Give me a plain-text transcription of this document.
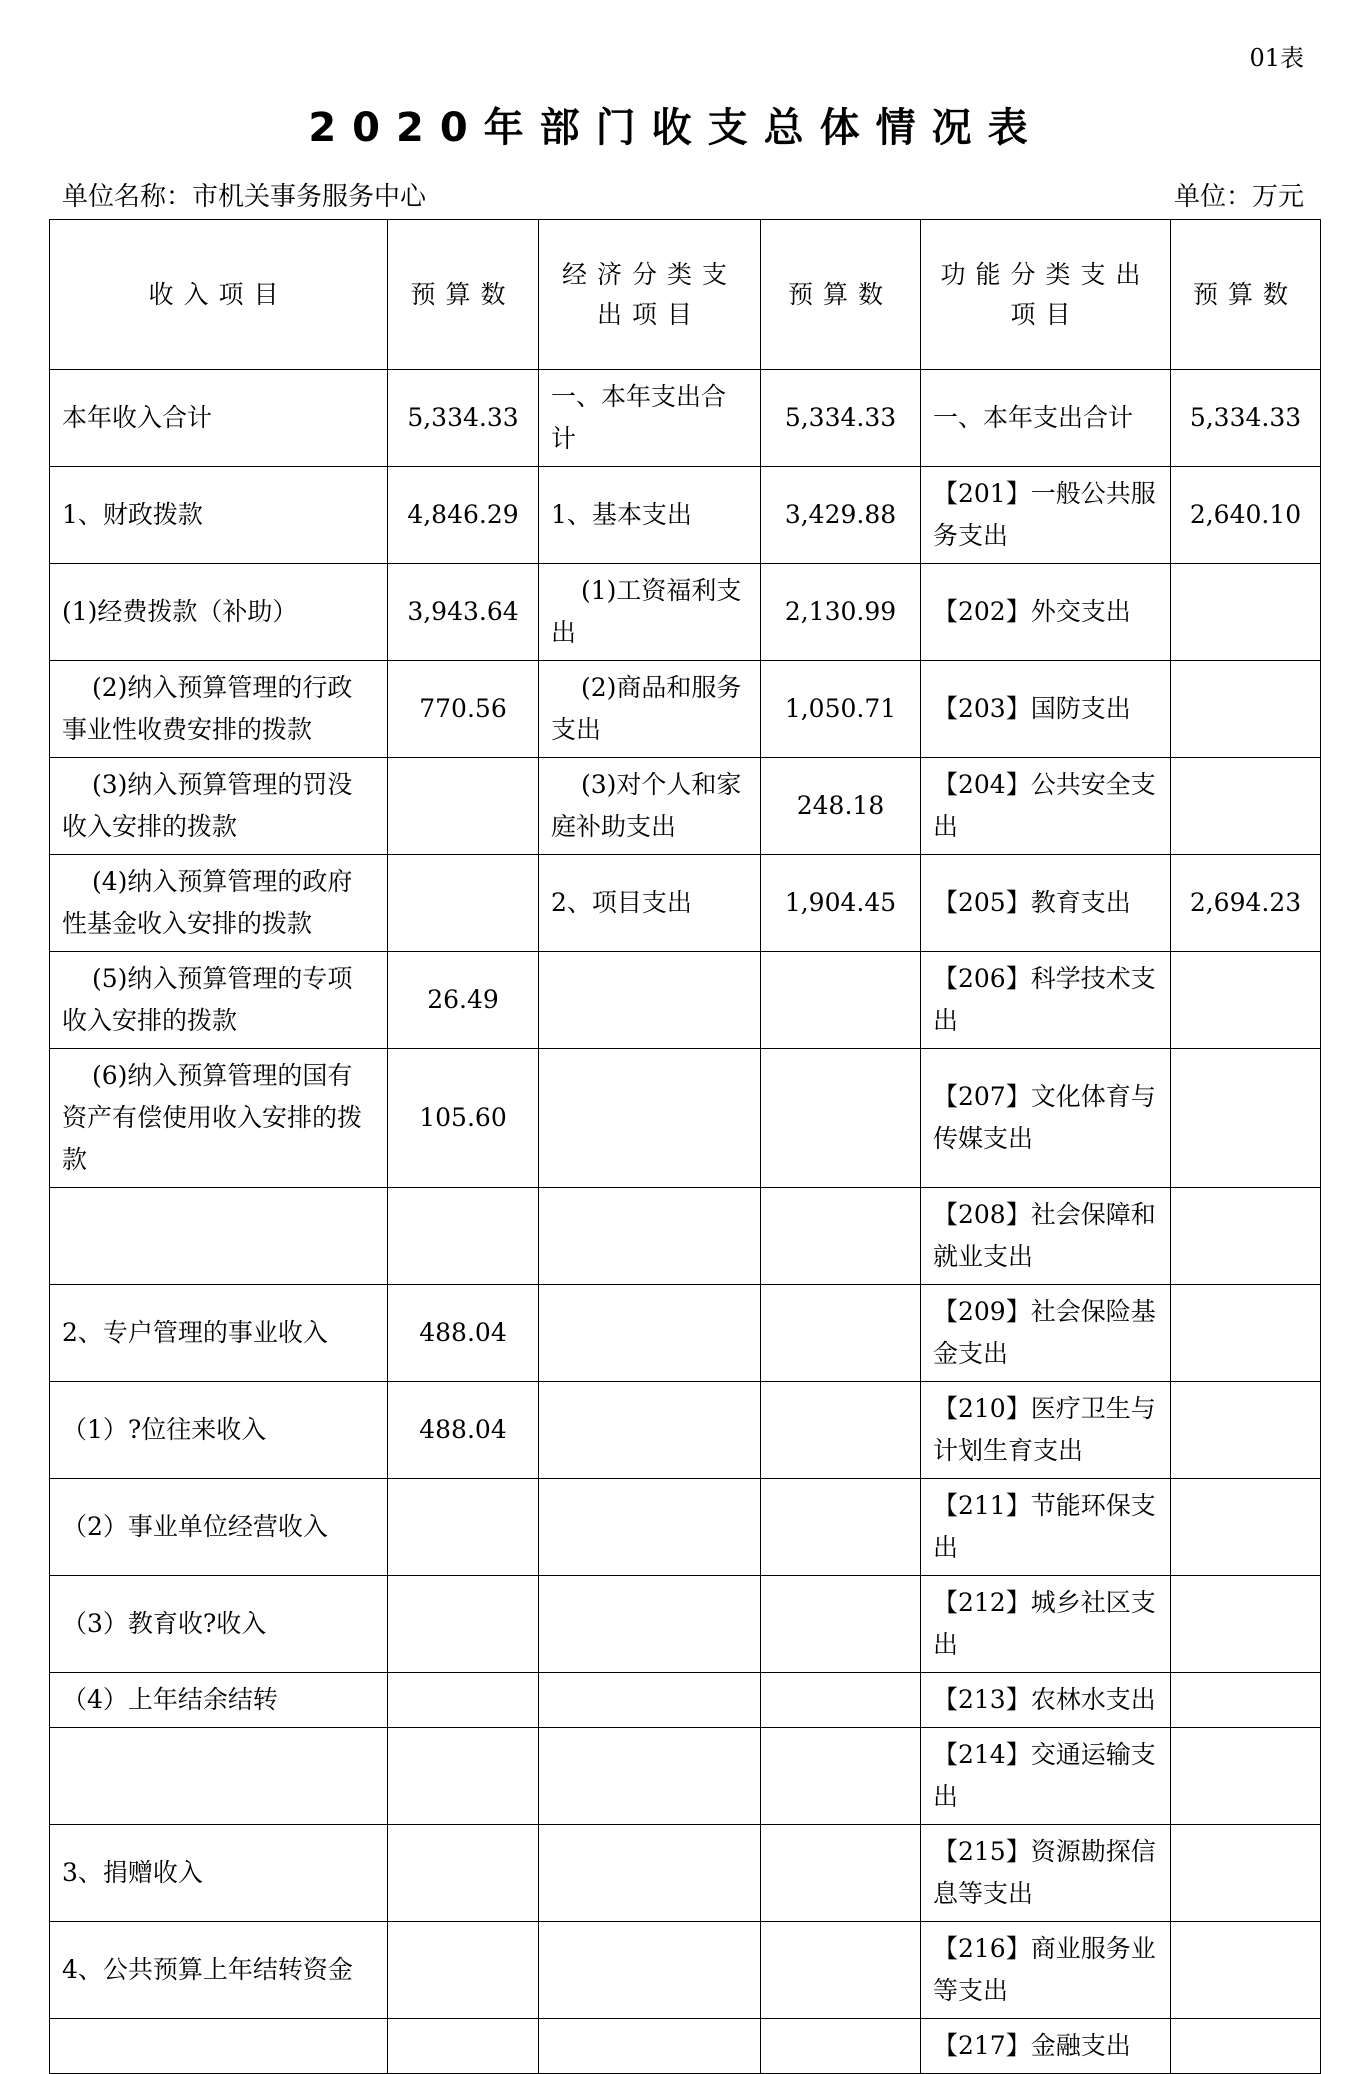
01表
2020年部门收支总体情况表
单位名称：市机关事务服务中心	单位：万元
收入项目	预算数	经济分类支出项目	预算数	功能分类支出项目	预算数
本年收入合计	5,334.33	一、本年支出合计	5,334.33	一、本年支出合计	5,334.33
1、财政拨款	4,846.29	1、基本支出	3,429.88	【201】一般公共服务支出	2,640.10
(1)经费拨款（补助）	3,943.64	(1)工资福利支出	2,130.99	【202】外交支出	
(2)纳入预算管理的行政事业性收费安排的拨款	770.56	(2)商品和服务支出	1,050.71	【203】国防支出	
(3)纳入预算管理的罚没收入安排的拨款		(3)对个人和家庭补助支出	248.18	【204】公共安全支出	
(4)纳入预算管理的政府性基金收入安排的拨款		2、项目支出	1,904.45	【205】教育支出	2,694.23
(5)纳入预算管理的专项收入安排的拨款	26.49			【206】科学技术支出	
(6)纳入预算管理的国有资产有偿使用收入安排的拨款	105.60			【207】文化体育与传媒支出	
				【208】社会保障和就业支出	
2、专户管理的事业收入	488.04			【209】社会保险基金支出	
（1）?位往来收入	488.04			【210】医疗卫生与计划生育支出	
（2）事业单位经营收入				【211】节能环保支出	
（3）教育收?收入				【212】城乡社区支出	
（4）上年结余结转				【213】农林水支出	
				【214】交通运输支出	
3、捐赠收入				【215】资源勘探信息等支出	
4、公共预算上年结转资金				【216】商业服务业等支出	
				【217】金融支出	
